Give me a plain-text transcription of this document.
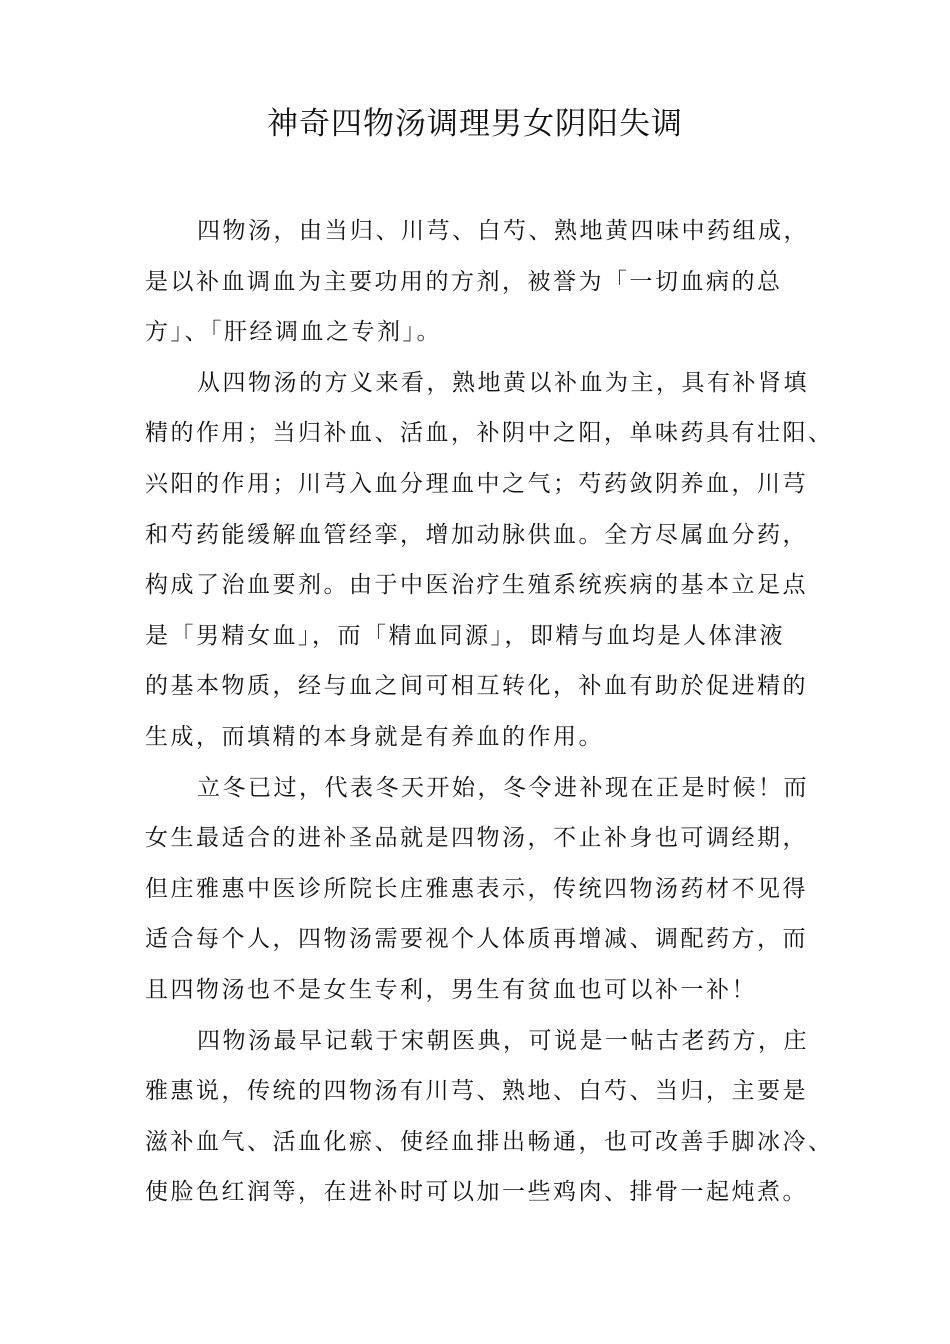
神奇四物汤调理男女阴阳失调

四物汤，由当归、川芎、白芍、熟地黄四味中药组成，
是以补血调血为主要功用的方剂，被誉为「一切血病的总
方」、「肝经调血之专剂」。

从四物汤的方义来看，熟地黄以补血为主，具有补肾填
精的作用；当归补血、活血，补阴中之阳，单味药具有壮阳、
兴阳的作用；川芎入血分理血中之气；芍药敛阴养血，川芎
和芍药能缓解血管经挛，增加动脉供血。全方尽属血分药，
构成了治血要剂。由于中医治疗生殖系统疾病的基本立足点
是「男精女血」，而「精血同源」，即精与血均是人体津液
的基本物质，经与血之间可相互转化，补血有助於促进精的
生成，而填精的本身就是有养血的作用。

立冬已过，代表冬天开始，冬令进补现在正是时候！而
女生最适合的进补圣品就是四物汤，不止补身也可调经期，
但庄雅惠中医诊所院长庄雅惠表示，传统四物汤药材不见得
适合每个人，四物汤需要视个人体质再增减、调配药方，而
且四物汤也不是女生专利，男生有贫血也可以补一补！

四物汤最早记载于宋朝医典，可说是一帖古老药方，庄
雅惠说，传统的四物汤有川芎、熟地、白芍、当归，主要是
滋补血气、活血化瘀、使经血排出畅通，也可改善手脚冰冷、
使脸色红润等，在进补时可以加一些鸡肉、排骨一起炖煮。
